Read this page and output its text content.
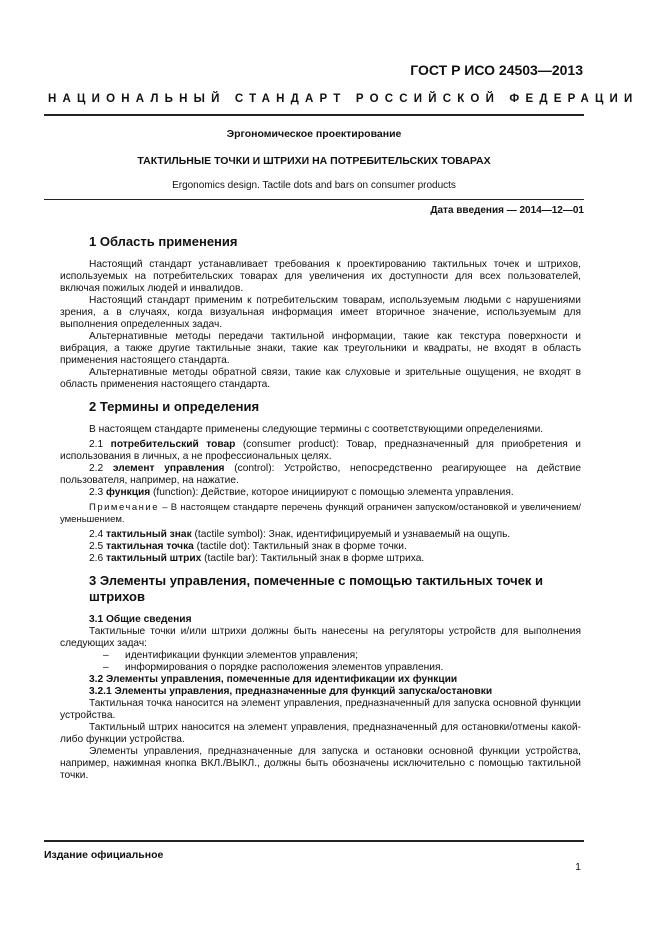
ГОСТ Р ИСО 24503—2013
НАЦИОНАЛЬНЫЙ СТАНДАРТ РОССИЙСКОЙ ФЕДЕРАЦИИ
Эргономическое проектирование
ТАКТИЛЬНЫЕ ТОЧКИ И ШТРИХИ НА ПОТРЕБИТЕЛЬСКИХ ТОВАРАХ
Ergonomics design. Tactile dots and bars on consumer products
Дата введения — 2014—12—01

1 Область применения

Настоящий стандарт устанавливает требования к проектированию тактильных точек и штрихов, используемых на потребительских товарах для увеличения их доступности для всех пользователей, включая пожилых людей и инвалидов.

Настоящий стандарт применим к потребительским товарам, используемым людьми с нарушениями зрения, а в случаях, когда визуальная информация имеет вторичное значение, используемым для выполнения определенных задач.

Альтернативные методы передачи тактильной информации, такие как текстура поверхности и вибрация, а также другие тактильные знаки, такие как треугольники и квадраты, не входят в область применения настоящего стандарта.

Альтернативные методы обратной связи, такие как слуховые и зрительные ощущения, не входят в область применения настоящего стандарта.

2 Термины и определения

В настоящем стандарте применены следующие термины с соответствующими определениями.

2.1 потребительский товар (consumer product): Товар, предназначенный для приобретения и использования в личных, а не профессиональных целях.

2.2 элемент управления (control): Устройство, непосредственно реагирующее на действие пользователя, например, на нажатие.

2.3 функция (function): Действие, которое инициируют с помощью элемента управления.

Примечание – В настоящем стандарте перечень функций ограничен запуском/остановкой и увеличением/уменьшением.

2.4 тактильный знак (tactile symbol): Знак, идентифицируемый и узнаваемый на ощупь.

2.5 тактильная точка (tactile dot): Тактильный знак в форме точки.

2.6 тактильный штрих (tactile bar): Тактильный знак в форме штриха.

3 Элементы управления, помеченные с помощью тактильных точек и штрихов

3.1 Общие сведения

Тактильные точки и/или штрихи должны быть нанесены на регуляторы устройств для выполнения следующих задач:

– идентификации функции элементов управления;

– информирования о порядке расположения элементов управления.

3.2 Элементы управления, помеченные для идентификации их функции

3.2.1 Элементы управления, предназначенные для функций запуска/остановки

Тактильная точка наносится на элемент управления, предназначенный для запуска основной функции устройства.

Тактильный штрих наносится на элемент управления, предназначенный для остановки/отмены какой-либо функции устройства.

Элементы управления, предназначенные для запуска и остановки основной функции устройства, например, нажимная кнопка ВКЛ./ВЫКЛ., должны быть обозначены исключительно с помощью тактильной точки.

Издание официальное
1
